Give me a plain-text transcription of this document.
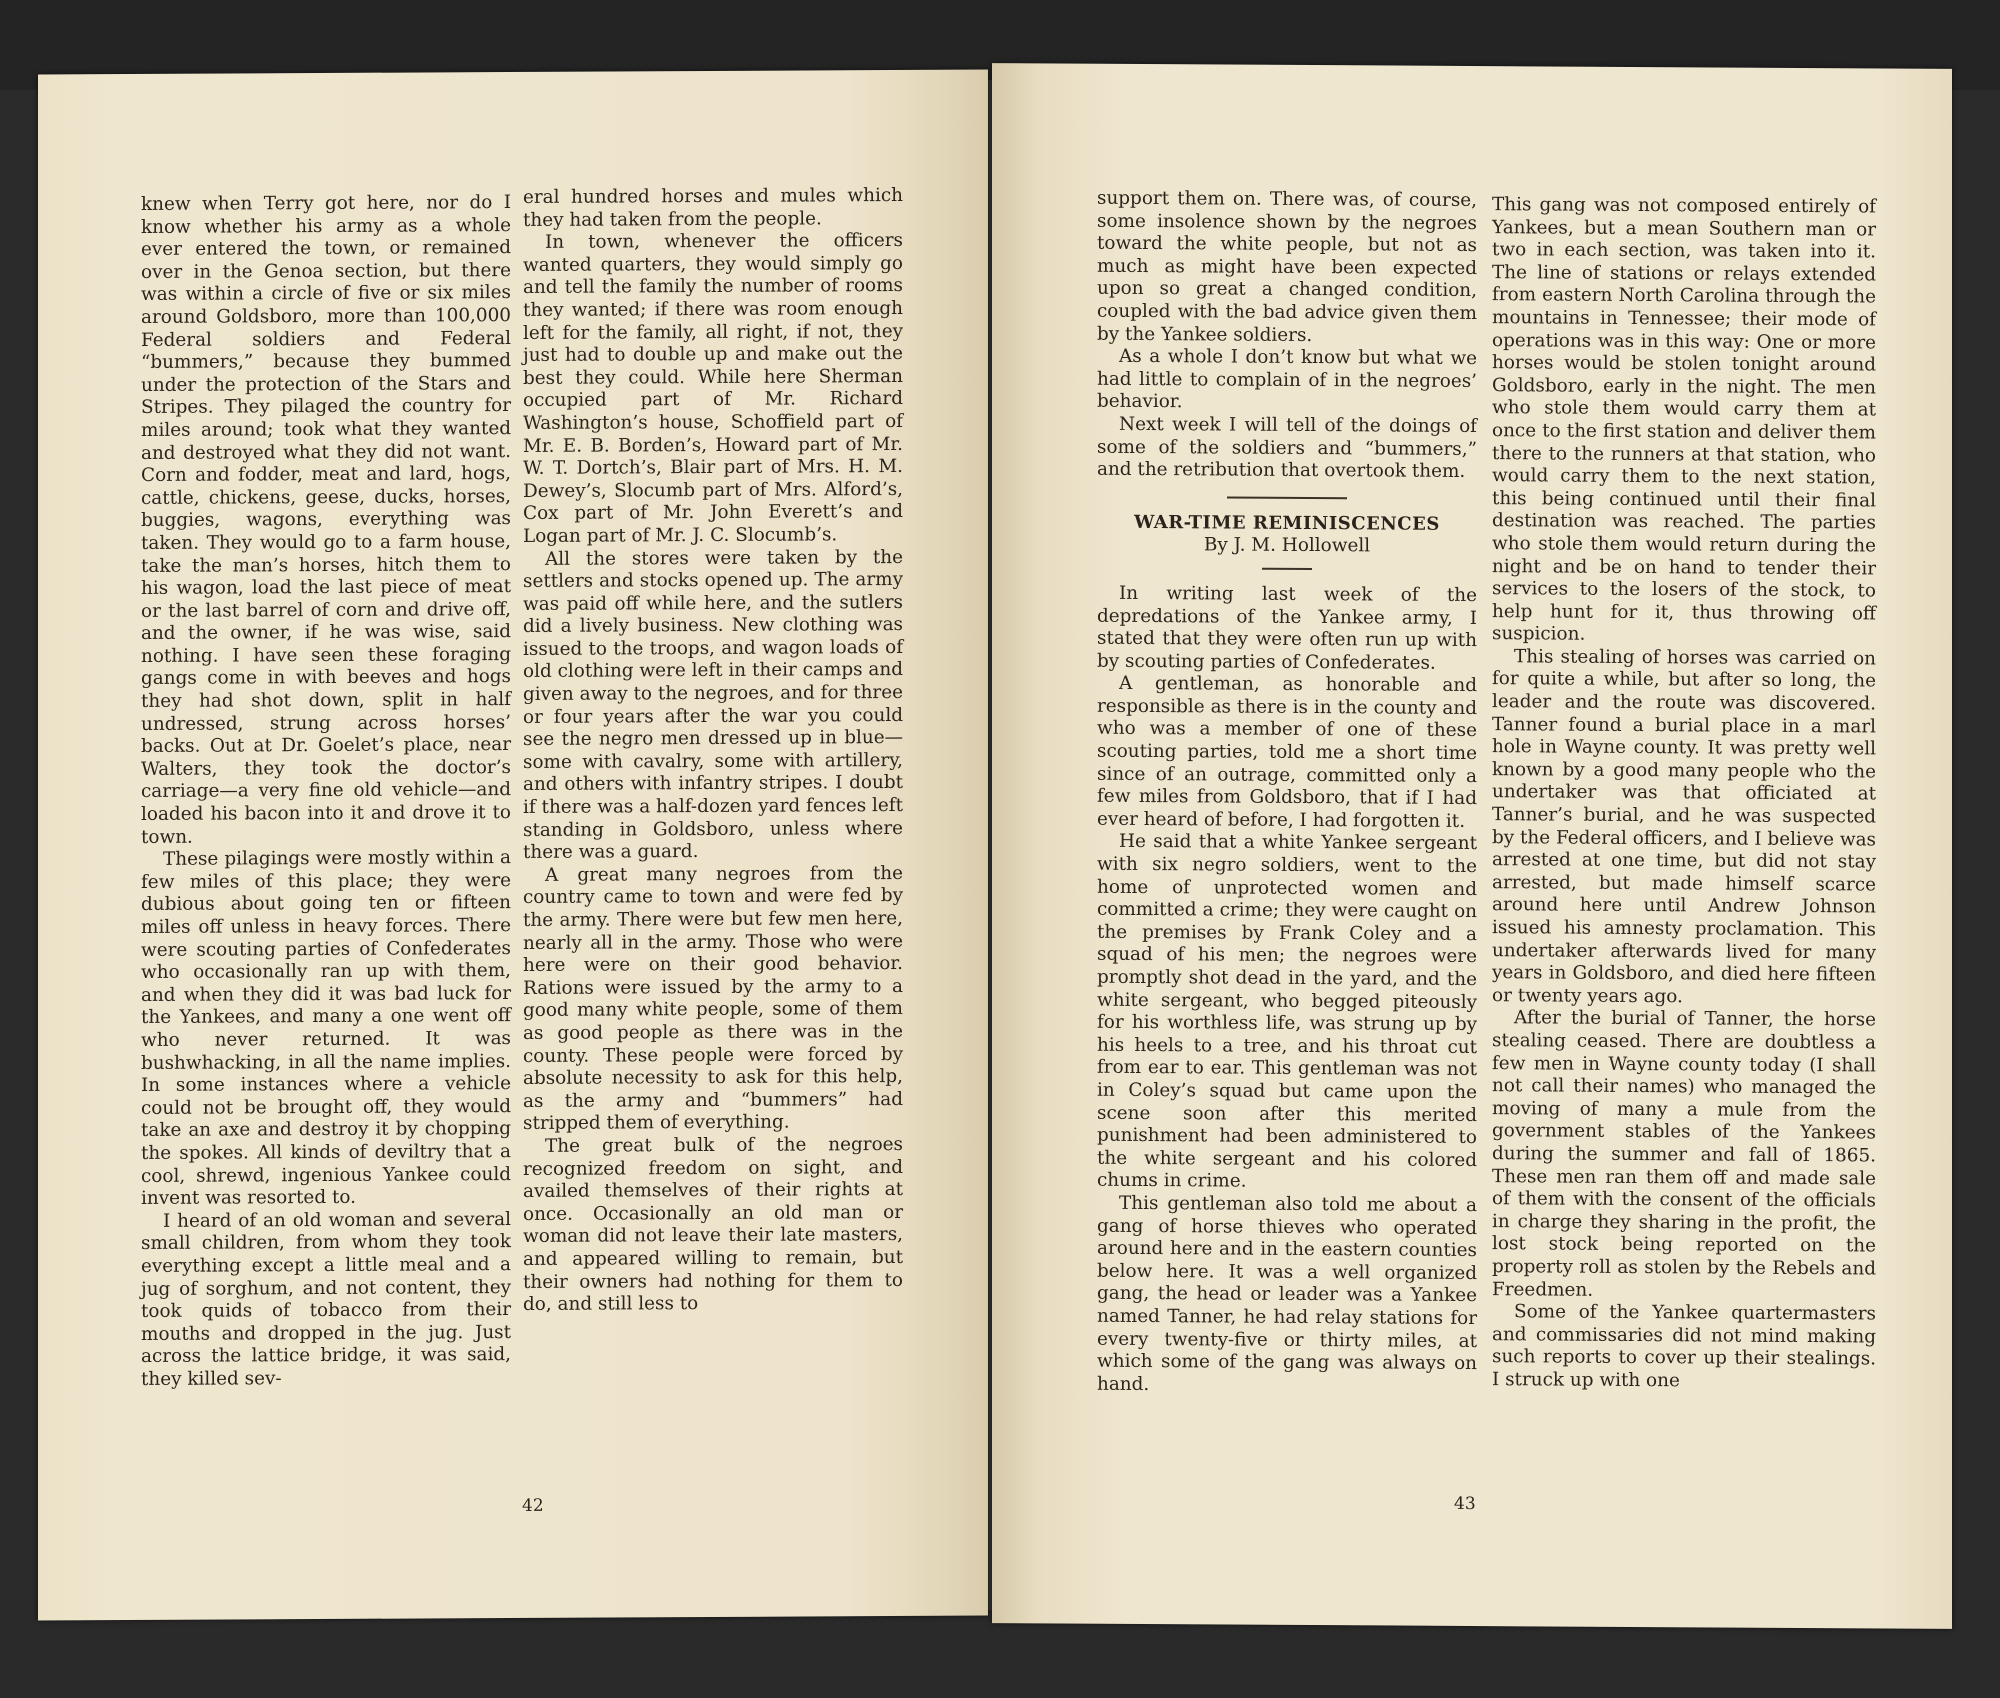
knew when Terry got here, nor do I know whether his army as a whole ever entered the town, or remained over in the Genoa section, but there was within a circle of five or six miles around Goldsboro, more than 100,000 Federal soldiers and Federal “bummers,” because they bummed under the protection of the Stars and Stripes. They pilaged the country for miles around; took what they wanted and destroyed what they did not want. Corn and fodder, meat and lard, hogs, cattle, chickens, geese, ducks, horses, buggies, wagons, everything was taken. They would go to a farm house, take the man’s horses, hitch them to his wagon, load the last piece of meat or the last barrel of corn and drive off, and the owner, if he was wise, said nothing. I have seen these foraging gangs come in with beeves and hogs they had shot down, split in half undressed, strung across horses’ backs. Out at Dr. Goelet’s place, near Walters, they took the doctor’s carriage—a very fine old vehicle—and loaded his bacon into it and drove it to town.

These pilagings were mostly within a few miles of this place; they were dubious about going ten or fifteen miles off unless in heavy forces. There were scouting parties of Confederates who occasionally ran up with them, and when they did it was bad luck for the Yankees, and many a one went off who never returned. It was bushwhacking, in all the name implies. In some instances where a vehicle could not be brought off, they would take an axe and destroy it by chopping the spokes. All kinds of deviltry that a cool, shrewd, ingenious Yankee could invent was resorted to.

I heard of an old woman and several small children, from whom they took everything except a little meal and a jug of sorghum, and not content, they took quids of tobacco from their mouths and dropped in the jug. Just across the lattice bridge, it was said, they killed sev-

eral hundred horses and mules which they had taken from the people.

In town, whenever the officers wanted quarters, they would simply go and tell the family the number of rooms they wanted; if there was room enough left for the family, all right, if not, they just had to double up and make out the best they could. While here Sherman occupied part of Mr. Richard Washington’s house, Schoffield part of Mr. E. B. Borden’s, Howard part of Mr. W. T. Dortch’s, Blair part of Mrs. H. M. Dewey’s, Slocumb part of Mrs. Alford’s, Cox part of Mr. John Everett’s and Logan part of Mr. J. C. Slocumb’s.

All the stores were taken by the settlers and stocks opened up. The army was paid off while here, and the sutlers did a lively business. New clothing was issued to the troops, and wagon loads of old clothing were left in their camps and given away to the negroes, and for three or four years after the war you could see the negro men dressed up in blue—some with cavalry, some with artillery, and others with infantry stripes. I doubt if there was a half-dozen yard fences left standing in Goldsboro, unless where there was a guard.

A great many negroes from the country came to town and were fed by the army. There were but few men here, nearly all in the army. Those who were here were on their good behavior. Rations were issued by the army to a good many white people, some of them as good people as there was in the county. These people were forced by absolute necessity to ask for this help, as the army and “bummers” had stripped them of everything.

The great bulk of the negroes recognized freedom on sight, and availed themselves of their rights at once. Occasionally an old man or woman did not leave their late masters, and appeared willing to remain, but their owners had nothing for them to do, and still less to

42

support them on. There was, of course, some insolence shown by the negroes toward the white people, but not as much as might have been expected upon so great a changed condition, coupled with the bad advice given them by the Yankee soldiers.

As a whole I don’t know but what we had little to complain of in the negroes’ behavior.

Next week I will tell of the doings of some of the soldiers and “bummers,” and the retribution that overtook them.

WAR-TIME REMINISCENCES

By J. M. Hollowell

In writing last week of the depredations of the Yankee army, I stated that they were often run up with by scouting parties of Confederates.

A gentleman, as honorable and responsible as there is in the county and who was a member of one of these scouting parties, told me a short time since of an outrage, committed only a few miles from Goldsboro, that if I had ever heard of before, I had forgotten it.

He said that a white Yankee sergeant with six negro soldiers, went to the home of unprotected women and committed a crime; they were caught on the premises by Frank Coley and a squad of his men; the negroes were promptly shot dead in the yard, and the white sergeant, who begged piteously for his worthless life, was strung up by his heels to a tree, and his throat cut from ear to ear. This gentleman was not in Coley’s squad but came upon the scene soon after this merited punishment had been administered to the white sergeant and his colored chums in crime.

This gentleman also told me about a gang of horse thieves who operated around here and in the eastern counties below here. It was a well organized gang, the head or leader was a Yankee named Tanner, he had relay stations for every twenty-five or thirty miles, at which some of the gang was always on hand.

This gang was not composed entirely of Yankees, but a mean Southern man or two in each section, was taken into it. The line of stations or relays extended from eastern North Carolina through the mountains in Tennessee; their mode of operations was in this way: One or more horses would be stolen tonight around Goldsboro, early in the night. The men who stole them would carry them at once to the first station and deliver them there to the runners at that station, who would carry them to the next station, this being continued until their final destination was reached. The parties who stole them would return during the night and be on hand to tender their services to the losers of the stock, to help hunt for it, thus throwing off suspicion.

This stealing of horses was carried on for quite a while, but after so long, the leader and the route was discovered. Tanner found a burial place in a marl hole in Wayne county. It was pretty well known by a good many people who the undertaker was that officiated at Tanner’s burial, and he was suspected by the Federal officers, and I believe was arrested at one time, but did not stay arrested, but made himself scarce around here until Andrew Johnson issued his amnesty proclamation. This undertaker afterwards lived for many years in Goldsboro, and died here fifteen or twenty years ago.

After the burial of Tanner, the horse stealing ceased. There are doubtless a few men in Wayne county today (I shall not call their names) who managed the moving of many a mule from the government stables of the Yankees during the summer and fall of 1865. These men ran them off and made sale of them with the consent of the officials in charge they sharing in the profit, the lost stock being reported on the property roll as stolen by the Rebels and Freedmen.

Some of the Yankee quartermasters and commissaries did not mind making such reports to cover up their stealings. I struck up with one

43
